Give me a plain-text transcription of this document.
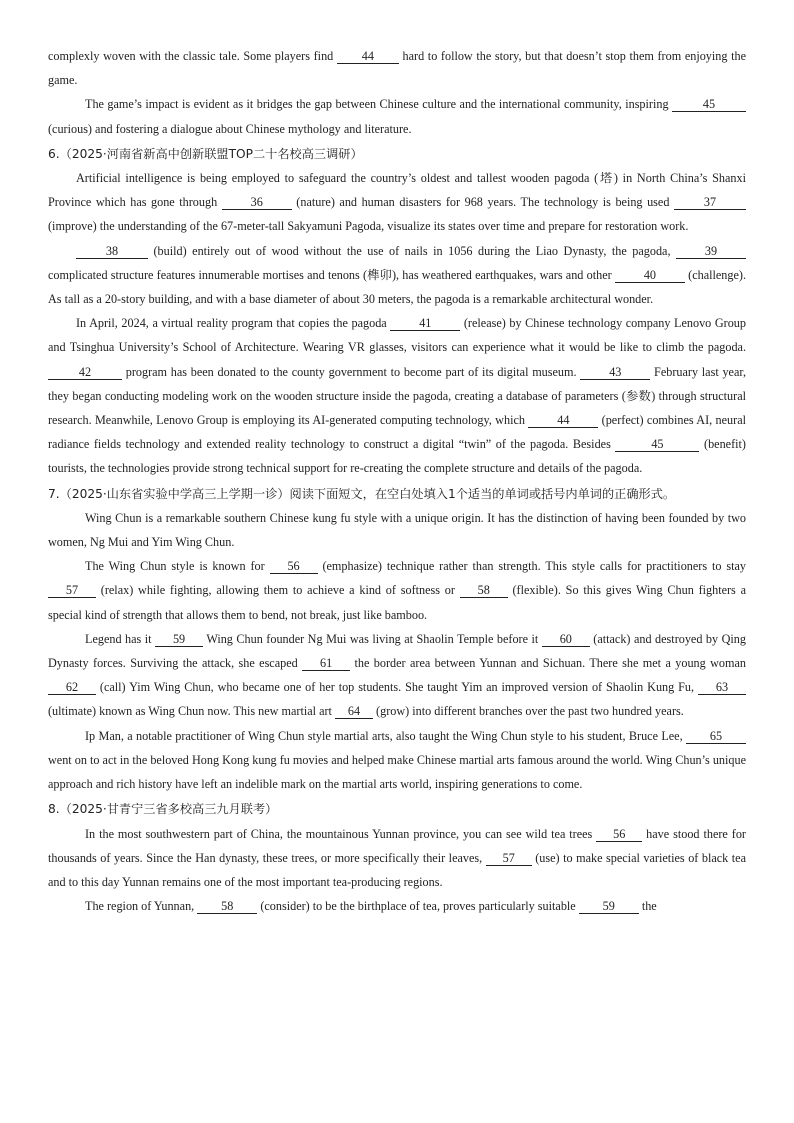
complexly woven with the classic tale. Some players find 44 hard to follow the story, but that doesn’t stop them from enjoying the game.

The game’s impact is evident as it bridges the gap between Chinese culture and the international community, inspiring	45 (curious) and fostering a dialogue about Chinese mythology and literature.

6.（2025·河南省新高中创新联盟TOP二十名校高三调研）

Artificial intelligence is being employed to safeguard the country’s oldest and tallest wooden pagoda (塔) in North China’s Shanxi Province which has gone through 36 (nature) and human disasters for 968 years. The technology is being used 37 (improve) the understanding of the 67-meter-tall Sakyamuni Pagoda, visualize its states over time and prepare for restoration work.

38 (build) entirely out of wood without the use of nails in 1056 during the Liao Dynasty, the pagoda, 39 complicated structure features innumerable mortises and tenons (榫卯), has weathered earthquakes, wars and other 40 (challenge). As tall as a 20-story building, and with a base diameter of about 30 meters, the pagoda is a remarkable architectural wonder.

In April, 2024, a virtual reality program that copies the pagoda 41 (release) by Chinese technology company Lenovo Group and Tsinghua University’s School of Architecture. Wearing VR glasses, visitors can experience what it would be like to climb the pagoda. 42	program has been donated to the county government to become part of its digital museum. 43 February last year, they began conducting modeling work on the wooden structure inside the pagoda, creating a database of parameters (参数) through structural research. Meanwhile, Lenovo Group is employing its AI-generated computing technology, which 44 (perfect) combines AI, neural radiance fields technology and extended reality technology to construct a digital “twin” of the pagoda. Besides	45	(benefit) tourists, the technologies provide strong technical support for re-creating the complete structure and details of the pagoda.

7.（2025·山东省实验中学高三上学期一诊）阅读下面短文，在空白处填入1个适当的单词或括号内单词的正确形式。

Wing Chun is a remarkable southern Chinese kung fu style with a unique origin. It has the distinction of having been founded by two women, Ng Mui and Yim Wing Chun.

The Wing Chun style is known for 56 (emphasize) technique rather than strength. This style calls for practitioners to stay 57 (relax) while fighting, allowing them to achieve a kind of softness or 58 (flexible). So this gives Wing Chun fighters a special kind of strength that allows them to bend, not break, just like bamboo.

Legend has it 59 Wing Chun founder Ng Mui was living at Shaolin Temple before it 60 (attack) and destroyed by Qing Dynasty forces. Surviving the attack, she escaped 61 the border area between Yunnan and Sichuan. There she met a young woman 62 (call) Yim Wing Chun, who became one of her top students. She taught Yim an improved version of Shaolin Kung Fu, 63 (ultimate) known as Wing Chun now. This new martial art 64 (grow) into different branches over the past two hundred years.

Ip Man, a notable practitioner of Wing Chun style martial arts, also taught the Wing Chun style to his student, Bruce Lee, 65 went on to act in the beloved Hong Kong kung fu movies and helped make Chinese martial arts famous around the world. Wing Chun’s unique approach and rich history have left an indelible mark on the martial arts world, inspiring generations to come.

8.（2025·甘青宁三省多校高三九月联考）

In the most southwestern part of China, the mountainous Yunnan province, you can see wild tea trees 56 have stood there for thousands of years. Since the Han dynasty, these trees, or more specifically their leaves, 57 (use) to make special varieties of black tea and to this day Yunnan remains one of the most important tea-producing regions.

The region of Yunnan, 58 (consider) to be the birthplace of tea, proves particularly suitable 59 the
